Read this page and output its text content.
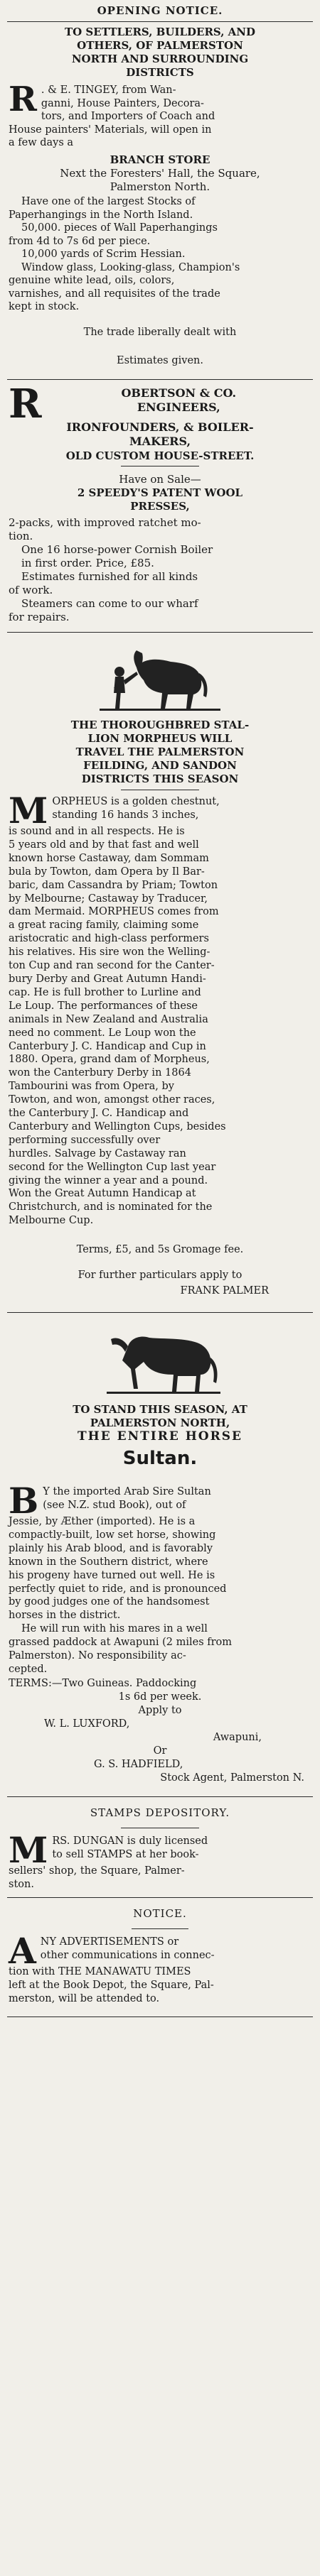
OPENING NOTICE.
TO SETTLERS, BUILDERS, AND
OTHERS, OF PALMERSTON
NORTH AND SURROUNDING
DISTRICTS
R . & E. TINGEY, from Wan-
ganni, House Painters, Decora-
tors, and Importers of Coach and
House painters' Materials, will open in
a few days a
BRANCH STORE
Next the Foresters' Hall, the Square,
Palmerston North.
Have one of the largest Stocks of
Paperhangings in the North Island.
50,000. pieces of Wall Paperhangings
from 4d to 7s 6d per piece.
10,000 yards of Scrim Hessian.
Window glass, Looking-glass, Champion's
genuine white lead, oils, colors,
varnishes, and all requisites of the trade
kept in stock.
The trade liberally dealt with
Estimates given.
R	OBERTSON & CO.
ENGINEERS,
IRONFOUNDERS, & BOILER-
MAKERS,
OLD CUSTOM HOUSE-STREET.
Have on Sale—
2 SPEEDY'S PATENT WOOL
PRESSES,
2-packs, with improved ratchet mo-
tion.
One 16 horse-power Cornish Boiler
in first order. Price, £85.
Estimates furnished for all kinds
of work.
Steamers can come to our wharf
for repairs.
THE THOROUGHBRED STAL-
LION MORPHEUS WILL
TRAVEL THE PALMERSTON
FEILDING, AND SANDON
DISTRICTS THIS SEASON
M ORPHEUS is a golden chestnut,
standing 16 hands 3 inches,
is sound and in all respects. He is
5 years old and by that fast and well
known horse Castaway, dam Sommam
bula by Towton, dam Opera by Il Bar-
baric, dam Cassandra by Priam; Towton
by Melbourne; Castaway by Traducer,
dam Mermaid. MORPHEUS comes from
a great racing family, claiming some
aristocratic and high-class performers
his relatives. His sire won the Welling-
ton Cup and ran second for the Canter-
bury Derby and Great Autumn Handi-
cap. He is full brother to Lurline and
Le Loup. The performances of these
animals in New Zealand and Australia
need no comment. Le Loup won the
Canterbury J. C. Handicap and Cup in
1880. Opera, grand dam of Morpheus,
won the Canterbury Derby in 1864
Tambourini was from Opera, by
Towton, and won, amongst other races,
the Canterbury J. C. Handicap and
Canterbury and Wellington Cups, besides
performing successfully over
hurdles. Salvage by Castaway ran
second for the Wellington Cup last year
giving the winner a year and a pound.
Won the Great Autumn Handicap at
Christchurch, and is nominated for the
Melbourne Cup.
Terms, £5, and 5s Gromage fee.
For further particulars apply to
FRANK PALMER
TO STAND THIS SEASON, AT
PALMERSTON NORTH,
THE ENTIRE HORSE
Sultan.
B Y the imported Arab Sire Sultan
(see N.Z. stud Book), out of
Jessie, by Æther (imported). He is a
compactly-built, low set horse, showing
plainly his Arab blood, and is favorably
known in the Southern district, where
his progeny have turned out well. He is
perfectly quiet to ride, and is pronounced
by good judges one of the handsomest
horses in the district.
He will run with his mares in a well
grassed paddock at Awapuni (2 miles from
Palmerston). No responsibility ac-
cepted.
TERMS:—Two Guineas. Paddocking
1s 6d per week.
Apply to
W. L. LUXFORD,
Awapuni,
Or
G. S. HADFIELD,
Stock Agent, Palmerston N.
STAMPS DEPOSITORY.
M RS. DUNGAN is duly licensed
to sell STAMPS at her book-
sellers' shop, the Square, Palmer-
ston.
NOTICE.
A NY ADVERTISEMENTS or
other communications in connec-
tion with THE MANAWATU TIMES
left at the Book Depot, the Square, Pal-
merston, will be attended to.
